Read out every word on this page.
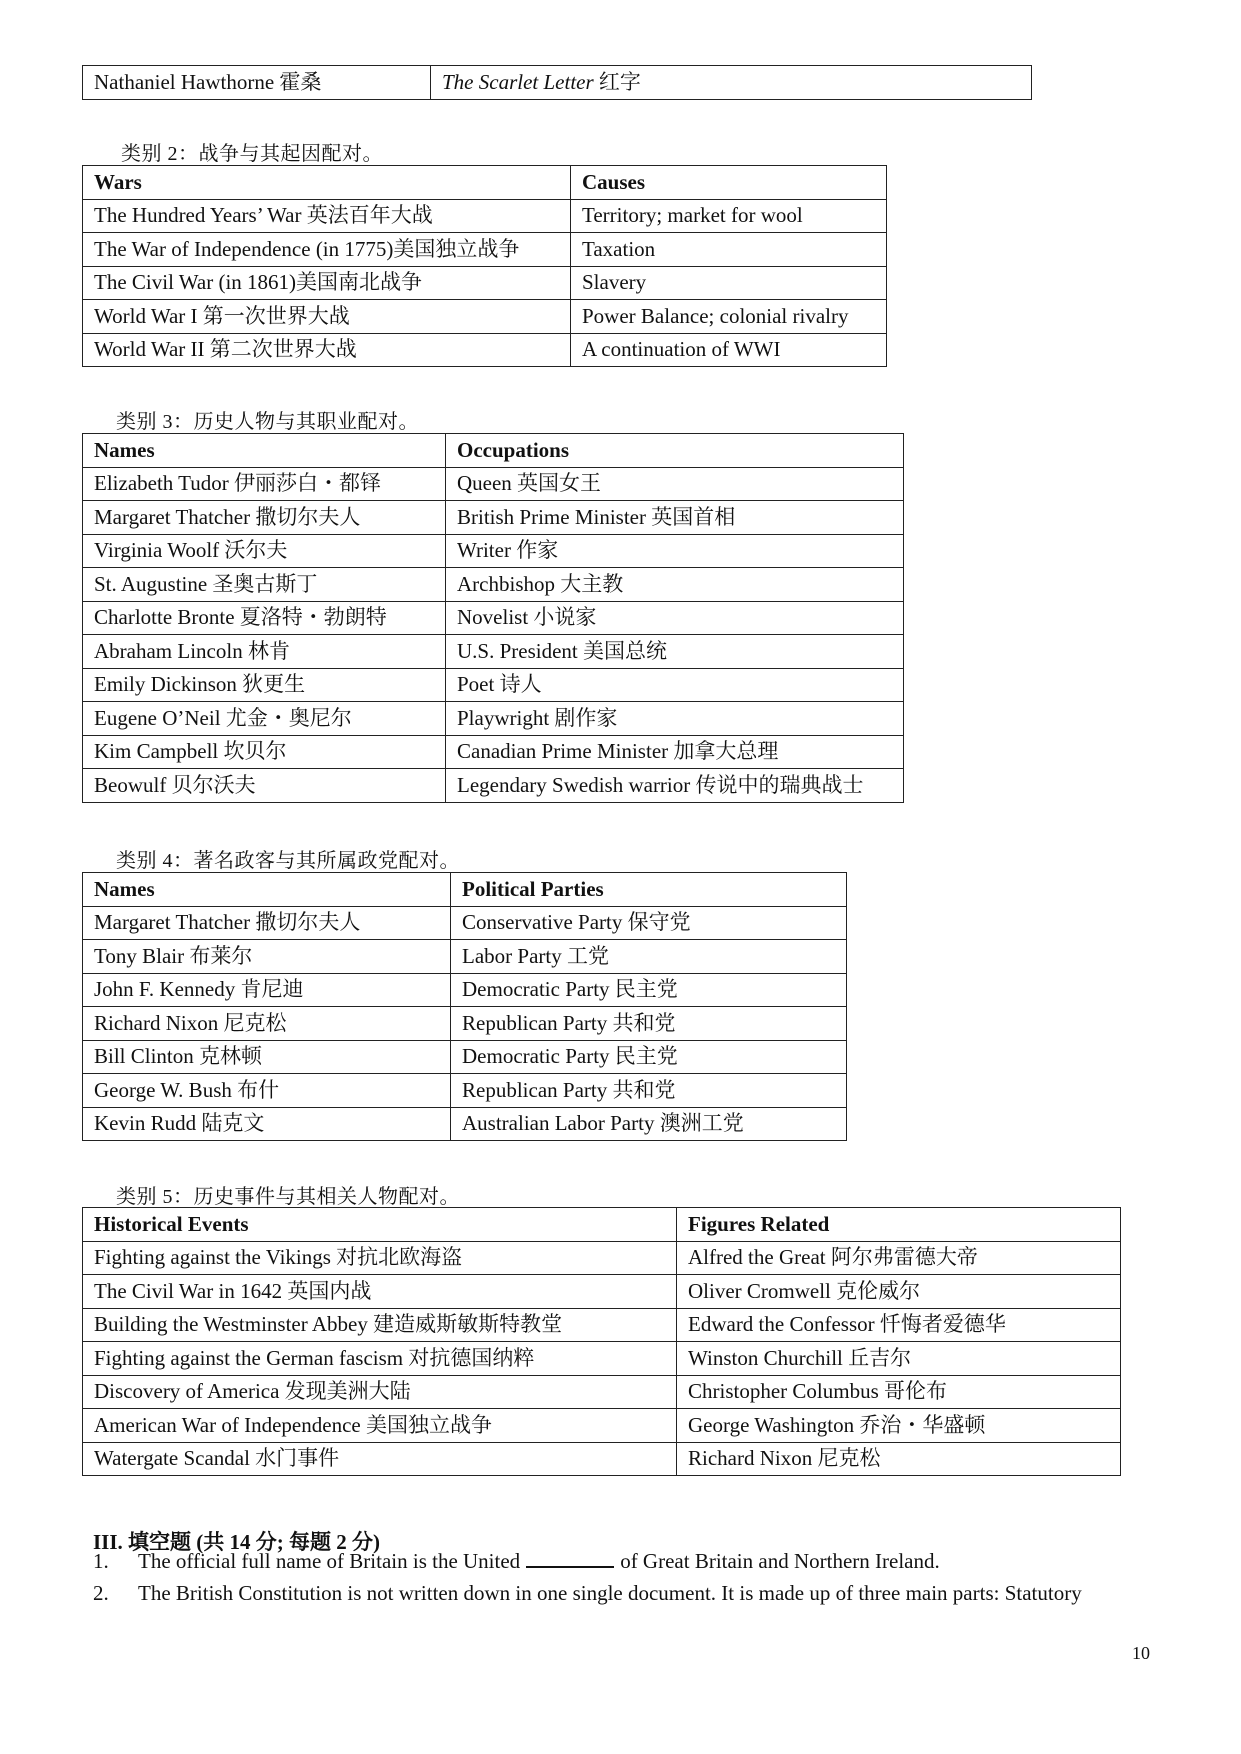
Nathaniel Hawthorne 霍桑	The Scarlet Letter 红字
类别 2：战争与其起因配对。
Wars	Causes
The Hundred Years’ War 英法百年大战	Territory; market for wool
The War of Independence (in 1775)美国独立战争	Taxation
The Civil War (in 1861)美国南北战争	Slavery
World War I 第一次世界大战	Power Balance; colonial rivalry
World War II 第二次世界大战	A continuation of WWI
类别 3：历史人物与其职业配对。
Names	Occupations
Elizabeth Tudor 伊丽莎白・都铎	Queen 英国女王
Margaret Thatcher 撒切尔夫人	British Prime Minister 英国首相
Virginia Woolf 沃尔夫	Writer 作家
St. Augustine 圣奥古斯丁	Archbishop 大主教
Charlotte Bronte 夏洛特・勃朗特	Novelist 小说家
Abraham Lincoln 林肯	U.S. President 美国总统
Emily Dickinson 狄更生	Poet 诗人
Eugene O’Neil 尤金・奥尼尔	Playwright 剧作家
Kim Campbell 坎贝尔	Canadian Prime Minister 加拿大总理
Beowulf 贝尔沃夫	Legendary Swedish warrior 传说中的瑞典战士
类别 4：著名政客与其所属政党配对。
Names	Political Parties
Margaret Thatcher 撒切尔夫人	Conservative Party 保守党
Tony Blair 布莱尔	Labor Party 工党
John F. Kennedy 肯尼迪	Democratic Party 民主党
Richard Nixon 尼克松	Republican Party 共和党
Bill Clinton 克林顿	Democratic Party 民主党
George W. Bush 布什	Republican Party 共和党
Kevin Rudd 陆克文	Australian Labor Party 澳洲工党
类别 5：历史事件与其相关人物配对。
Historical Events	Figures Related
Fighting against the Vikings 对抗北欧海盗	Alfred the Great 阿尔弗雷德大帝
The Civil War in 1642 英国内战	Oliver Cromwell 克伦威尔
Building the Westminster Abbey 建造威斯敏斯特教堂	Edward the Confessor 忏悔者爱德华
Fighting against the German fascism 对抗德国纳粹	Winston Churchill 丘吉尔
Discovery of America 发现美洲大陆	Christopher Columbus 哥伦布
American War of Independence 美国独立战争	George Washington 乔治・华盛顿
Watergate Scandal 水门事件	Richard Nixon 尼克松
III. 填空题 (共 14 分; 每题 2 分)
1. The official full name of Britain is the United	of Great Britain and Northern Ireland.
2. The British Constitution is not written down in one single document. It is made up of three main parts: Statutory
10
